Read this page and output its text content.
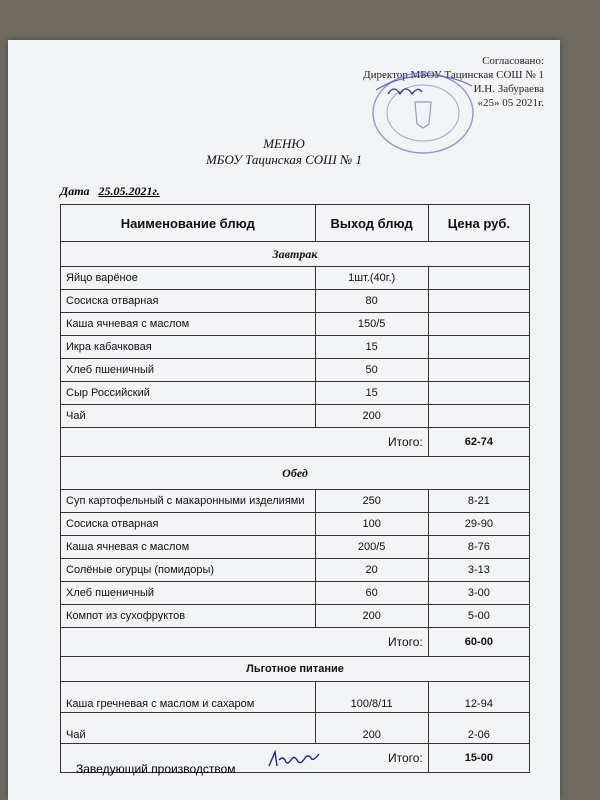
Согласовано:
Директор МБОУ Тацинская СОШ № 1
И.Н. Забураева
«25» 05 2021г.
МЕНЮ
МБОУ Тацинская СОШ № 1
Дата 25.05.2021г.
Наименование блюд	Выход блюд	Цена руб.
Завтрак		
Яйцо варёное	1шт.(40г.)	
Сосиска отварная	80	
Каша ячневая с маслом	150/5	
Икра кабачковая	15	
Хлеб пшеничный	50	
Сыр Российский	15	
Чай	200	
Итого:		62-74
Обед		
Суп картофельный с макаронными изделиями	250	8-21
Сосиска отварная	100	29-90
Каша ячневая с маслом	200/5	8-76
Солёные огурцы (помидоры)	20	3-13
Хлеб пшеничный	60	3-00
Компот из сухофруктов	200	5-00
Итого:		60-00
Льготное питание		
Каша гречневая с маслом и сахаром	100/8/11	12-94
Чай	200	2-06
Итого:		15-00
Заведующий производством
